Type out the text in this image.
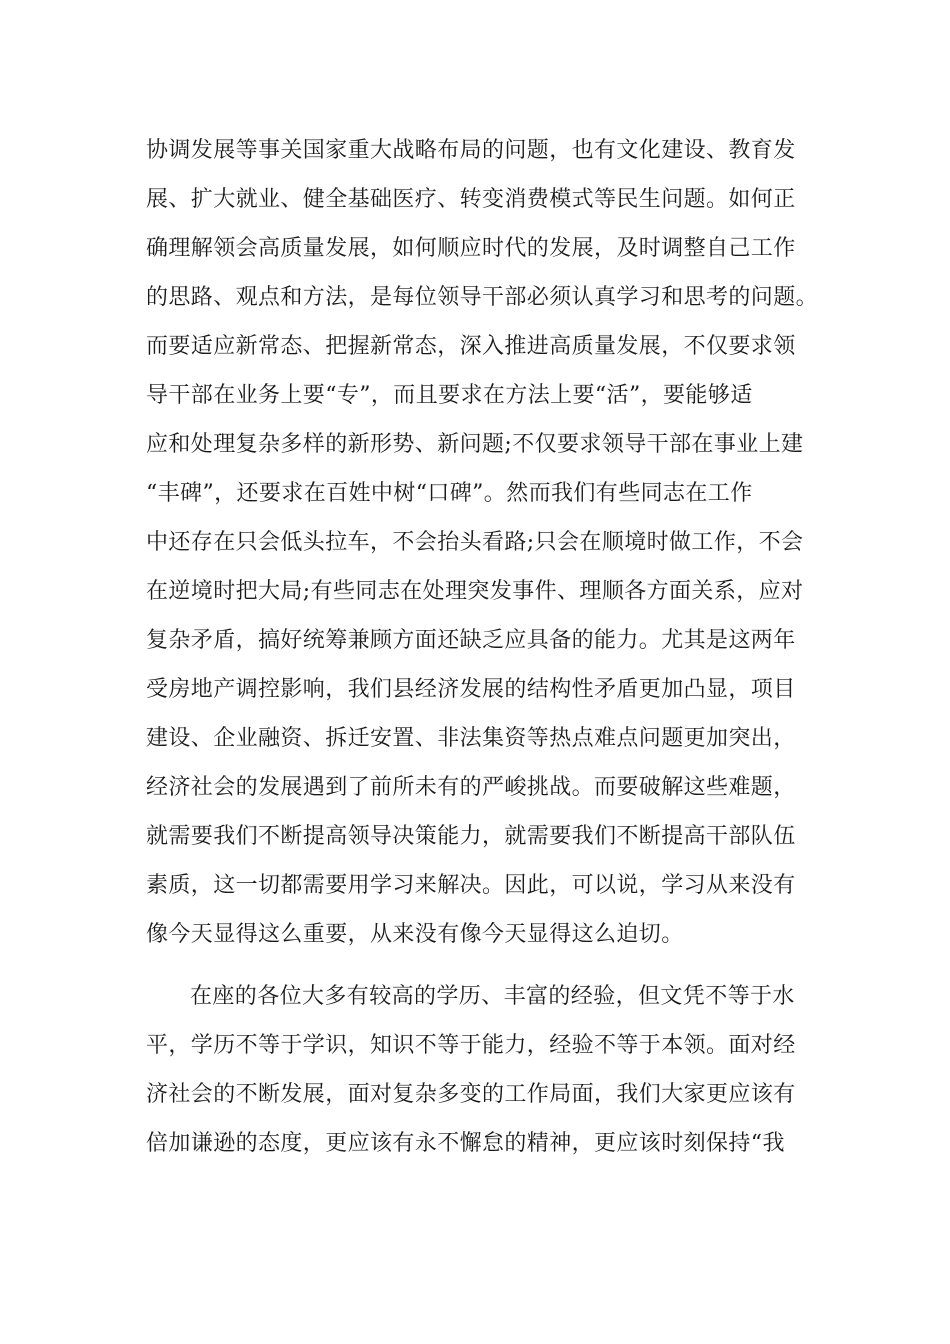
协调发展等事关国家重大战略布局的问题，也有文化建设、教育发
展、扩大就业、健全基础医疗、转变消费模式等民生问题。如何正
确理解领会高质量发展，如何顺应时代的发展，及时调整自己工作
的思路、观点和方法，是每位领导干部必须认真学习和思考的问题。
而要适应新常态、把握新常态，深入推进高质量发展，不仅要求领
导干部在业务上要“专”，而且要求在方法上要“活”，要能够适
应和处理复杂多样的新形势、新问题;不仅要求领导干部在事业上建
“丰碑”，还要求在百姓中树“口碑”。然而我们有些同志在工作
中还存在只会低头拉车，不会抬头看路;只会在顺境时做工作，不会
在逆境时把大局;有些同志在处理突发事件、理顺各方面关系，应对
复杂矛盾，搞好统筹兼顾方面还缺乏应具备的能力。尤其是这两年
受房地产调控影响，我们县经济发展的结构性矛盾更加凸显，项目
建设、企业融资、拆迁安置、非法集资等热点难点问题更加突出，
经济社会的发展遇到了前所未有的严峻挑战。而要破解这些难题，
就需要我们不断提高领导决策能力，就需要我们不断提高干部队伍
素质，这一切都需要用学习来解决。因此，可以说，学习从来没有
像今天显得这么重要，从来没有像今天显得这么迫切。
在座的各位大多有较高的学历、丰富的经验，但文凭不等于水
平，学历不等于学识，知识不等于能力，经验不等于本领。面对经
济社会的不断发展，面对复杂多变的工作局面，我们大家更应该有
倍加谦逊的态度，更应该有永不懈怠的精神，更应该时刻保持“我
